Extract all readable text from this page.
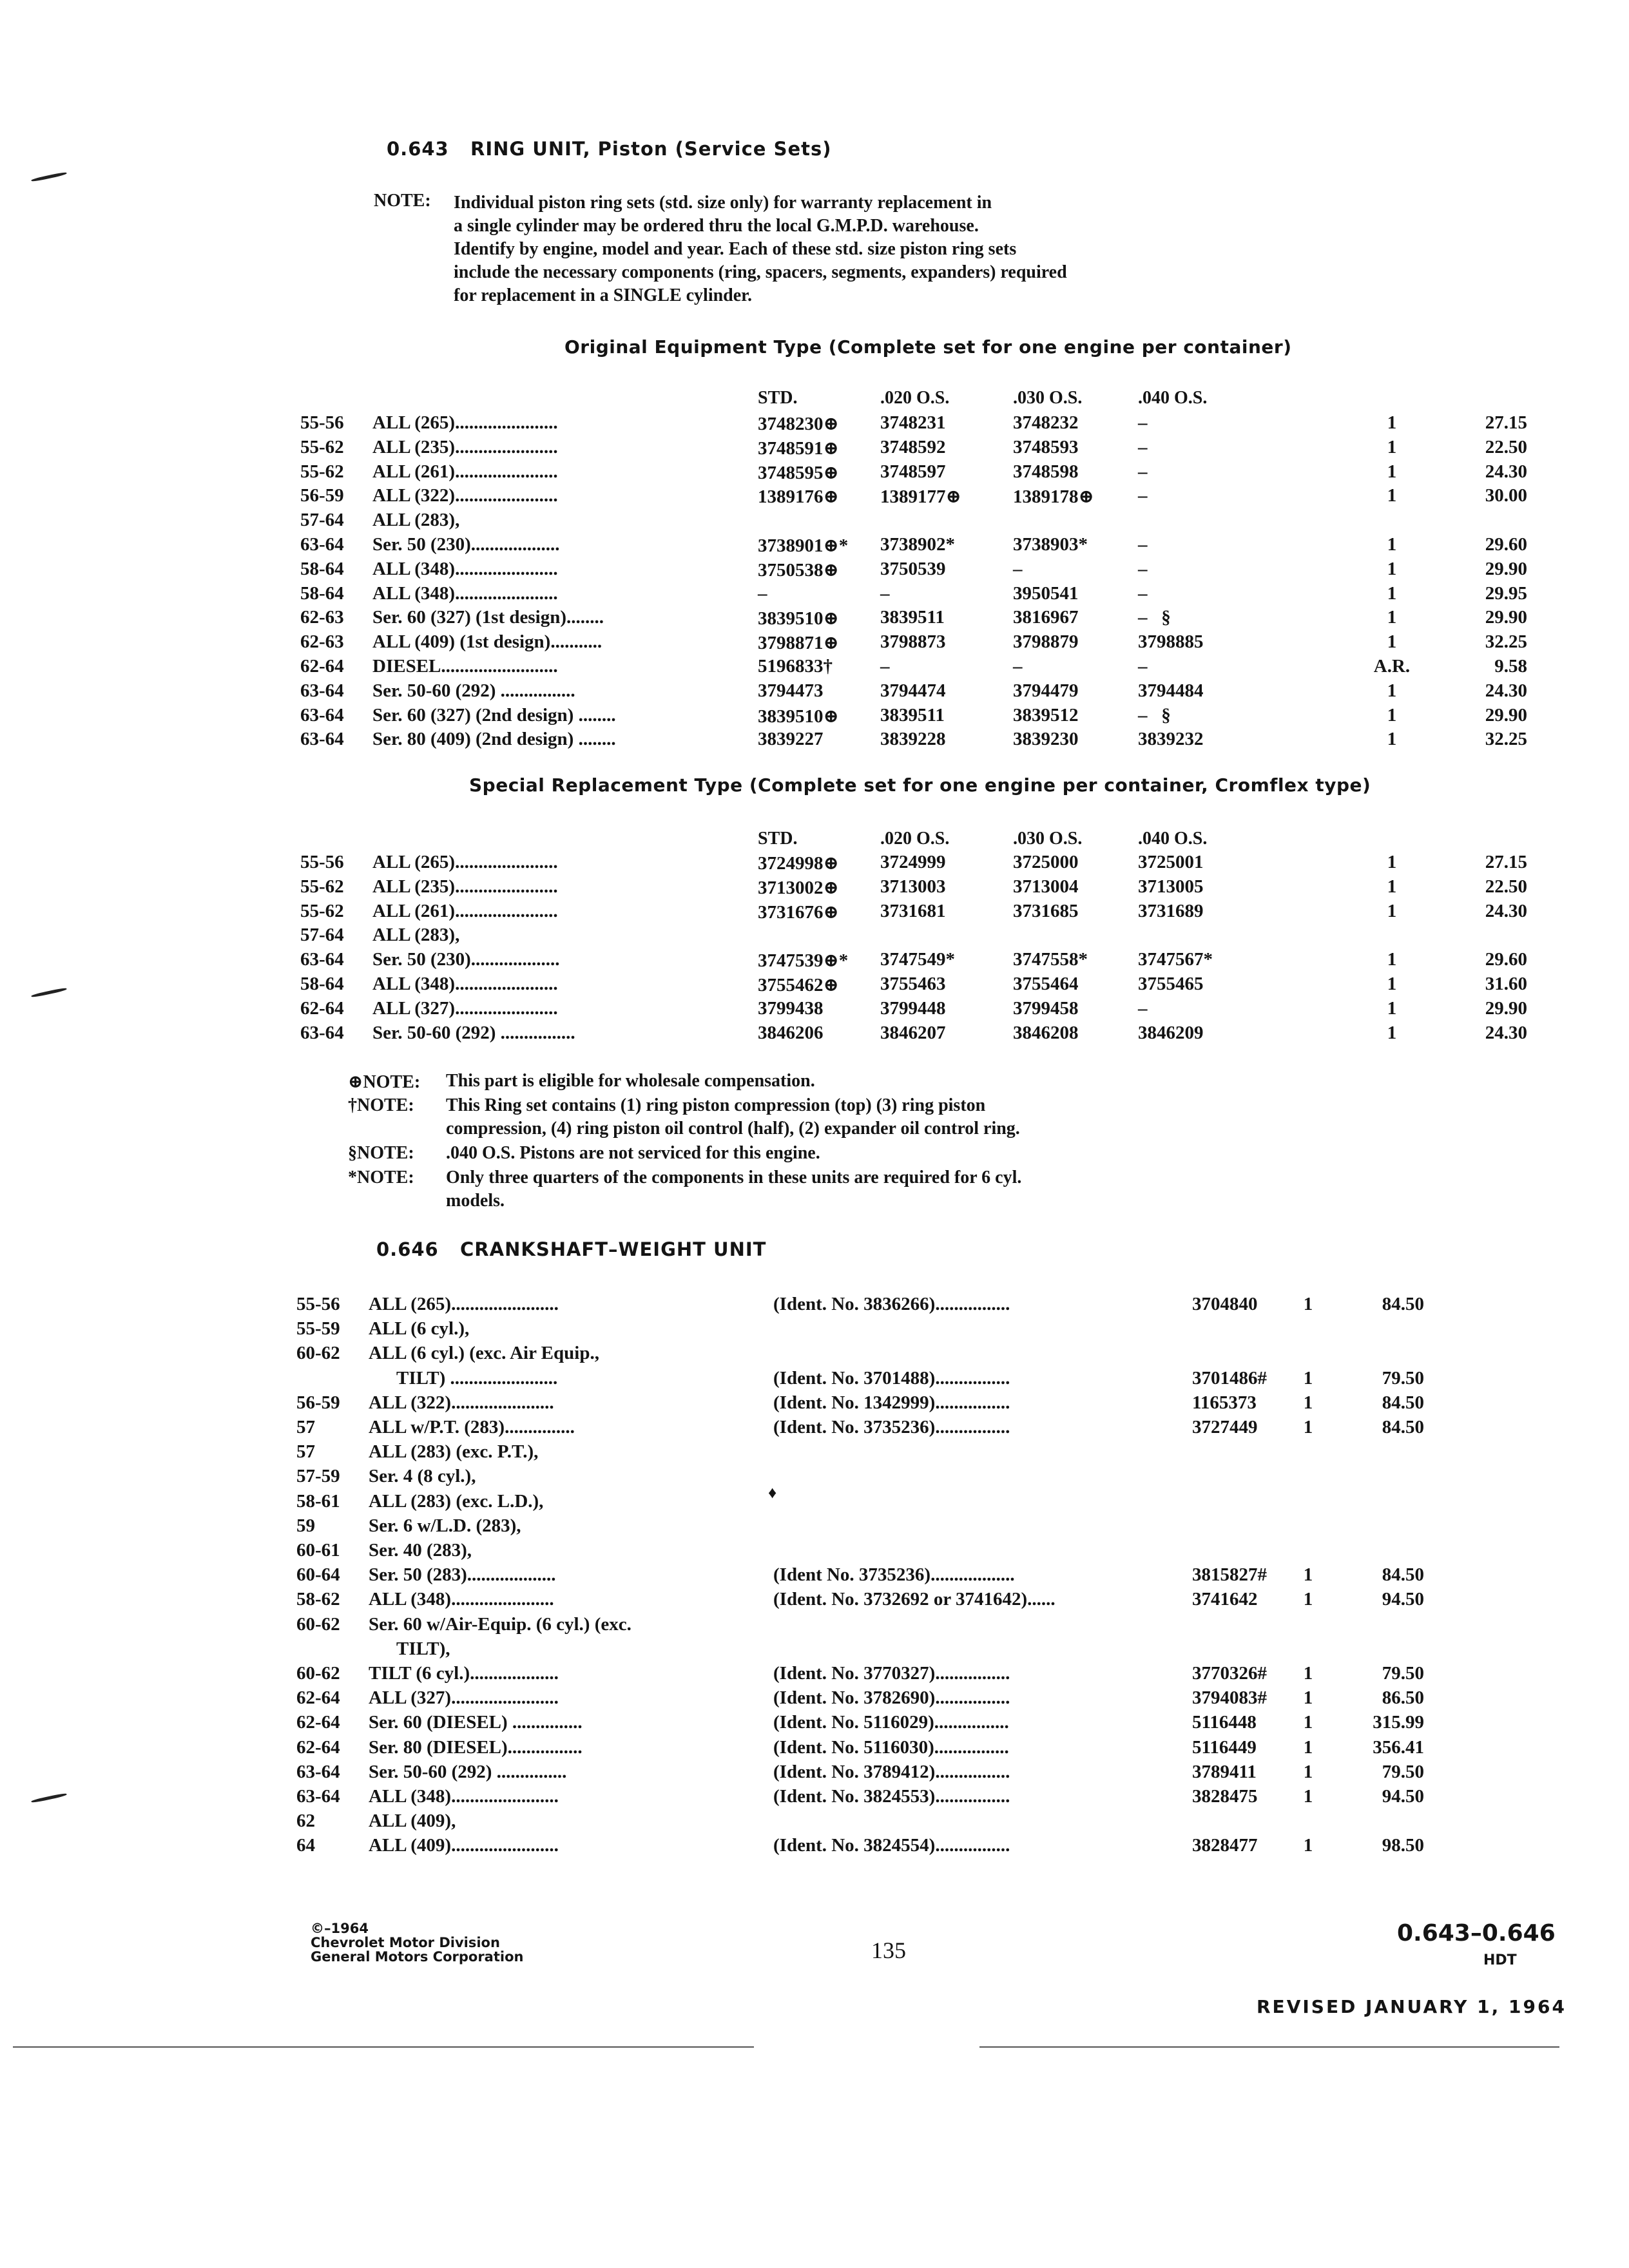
0.643   RING UNIT, Piston (Service Sets)
NOTE: Individual piston ring sets (std. size only) for warranty replacement in
a single cylinder may be ordered thru the local G.M.P.D. warehouse.
Identify by engine, model and year. Each of these std. size piston ring sets
include the necessary components (ring, spacers, segments, expanders) required
for replacement in a SINGLE cylinder.
Original Equipment Type (Complete set for one engine per container)
STD.	.020 O.S.	.030 O.S.	.040 O.S.
55-56 ALL (265)......................	3748230⊕ 3748231	3748232	–	1	27.15
55-62 ALL (235)......................	3748591⊕ 3748592	3748593	–	1	22.50
55-62 ALL (261)......................	3748595⊕ 3748597	3748598	–	1	24.30
56-59 ALL (322)......................	1389176⊕ 1389177⊕	1389178⊕ –	1	30.00
57-64 ALL (283),
63-64 Ser. 50 (230)...................	3738901⊕* 3738902*	3738903*	–	1	29.60
58-64 ALL (348)......................	3750538⊕ 3750539	–	–	1	29.90
58-64 ALL (348)......................	–	–	3950541	–	1	29.95
62-63 Ser. 60 (327) (1st design)........	3839510⊕ 3839511	3816967	–   §	1	29.90
62-63 ALL (409) (1st design)...........	3798871⊕ 3798873	3798879	3798885	1	32.25
62-64 DIESEL.........................	5196833†	–	–	–	A.R.	9.58
63-64 Ser. 50-60 (292) ................	3794473	3794474	3794479	3794484	1	24.30
63-64 Ser. 60 (327) (2nd design) ........	3839510⊕ 3839511	3839512	–   §	1	29.90
63-64 Ser. 80 (409) (2nd design) ........	3839227	3839228	3839230	3839232	1	32.25
Special Replacement Type (Complete set for one engine per container, Cromflex type)
STD.	.020 O.S.	.030 O.S.	.040 O.S.
55-56 ALL (265)......................	3724998⊕ 3724999	3725000	3725001	1	27.15
55-62 ALL (235)......................	3713002⊕ 3713003	3713004	3713005	1	22.50
55-62 ALL (261)......................	3731676⊕ 3731681	3731685	3731689	1	24.30
57-64 ALL (283),
63-64 Ser. 50 (230)...................	3747539⊕* 3747549*	3747558*	3747567*	1	29.60
58-64 ALL (348)......................	3755462⊕ 3755463	3755464	3755465	1	31.60
62-64 ALL (327)......................	3799438	3799448	3799458	–	1	29.90
63-64 Ser. 50-60 (292) ................	3846206	3846207	3846208	3846209	1	24.30
⊕NOTE: This part is eligible for wholesale compensation.
†NOTE: This Ring set contains (1) ring piston compression (top) (3) ring piston
compression, (4) ring piston oil control (half), (2) expander oil control ring.
§NOTE: .040 O.S. Pistons are not serviced for this engine.
*NOTE: Only three quarters of the components in these units are required for 6 cyl.
models.
0.646   CRANKSHAFT–WEIGHT UNIT
55-56 ALL (265).......................	(Ident. No. 3836266)................	3704840	1	84.50
55-59 ALL (6 cyl.),
60-62 ALL (6 cyl.) (exc. Air Equip.,
TILT) .......................	(Ident. No. 3701488)................	3701486#	1	79.50
56-59 ALL (322)......................	(Ident. No. 1342999)................	1165373	1	84.50
57	ALL w/P.T. (283)...............	(Ident. No. 3735236)................	3727449	1	84.50
57	ALL (283) (exc. P.T.),
57-59 Ser. 4 (8 cyl.),
58-61 ALL (283) (exc. L.D.),
59	Ser. 6 w/L.D. (283),
60-61 Ser. 40 (283),
60-64 Ser. 50 (283)...................	(Ident No. 3735236)..................	3815827#	1	84.50
58-62 ALL (348)......................	(Ident. No. 3732692 or 3741642)......	3741642	1	94.50
60-62 Ser. 60 w/Air-Equip. (6 cyl.) (exc.
TILT),
60-62 TILT (6 cyl.)...................	(Ident. No. 3770327)................	3770326#	1	79.50
62-64 ALL (327).......................	(Ident. No. 3782690)................	3794083#	1	86.50
62-64 Ser. 60 (DIESEL) ...............	(Ident. No. 5116029)................	5116448	1	315.99
62-64 Ser. 80 (DIESEL)................	(Ident. No. 5116030)................	5116449	1	356.41
63-64 Ser. 50-60 (292) ...............	(Ident. No. 3789412)................	3789411	1	79.50
63-64 ALL (348).......................	(Ident. No. 3824553)................	3828475	1	94.50
62	ALL (409),
64	ALL (409).......................	(Ident. No. 3824554)................	3828477	1	98.50
♦
©–1964
Chevrolet Motor Division
General Motors Corporation	135
0.643–0.646
HDT
REVISED JANUARY 1, 1964
